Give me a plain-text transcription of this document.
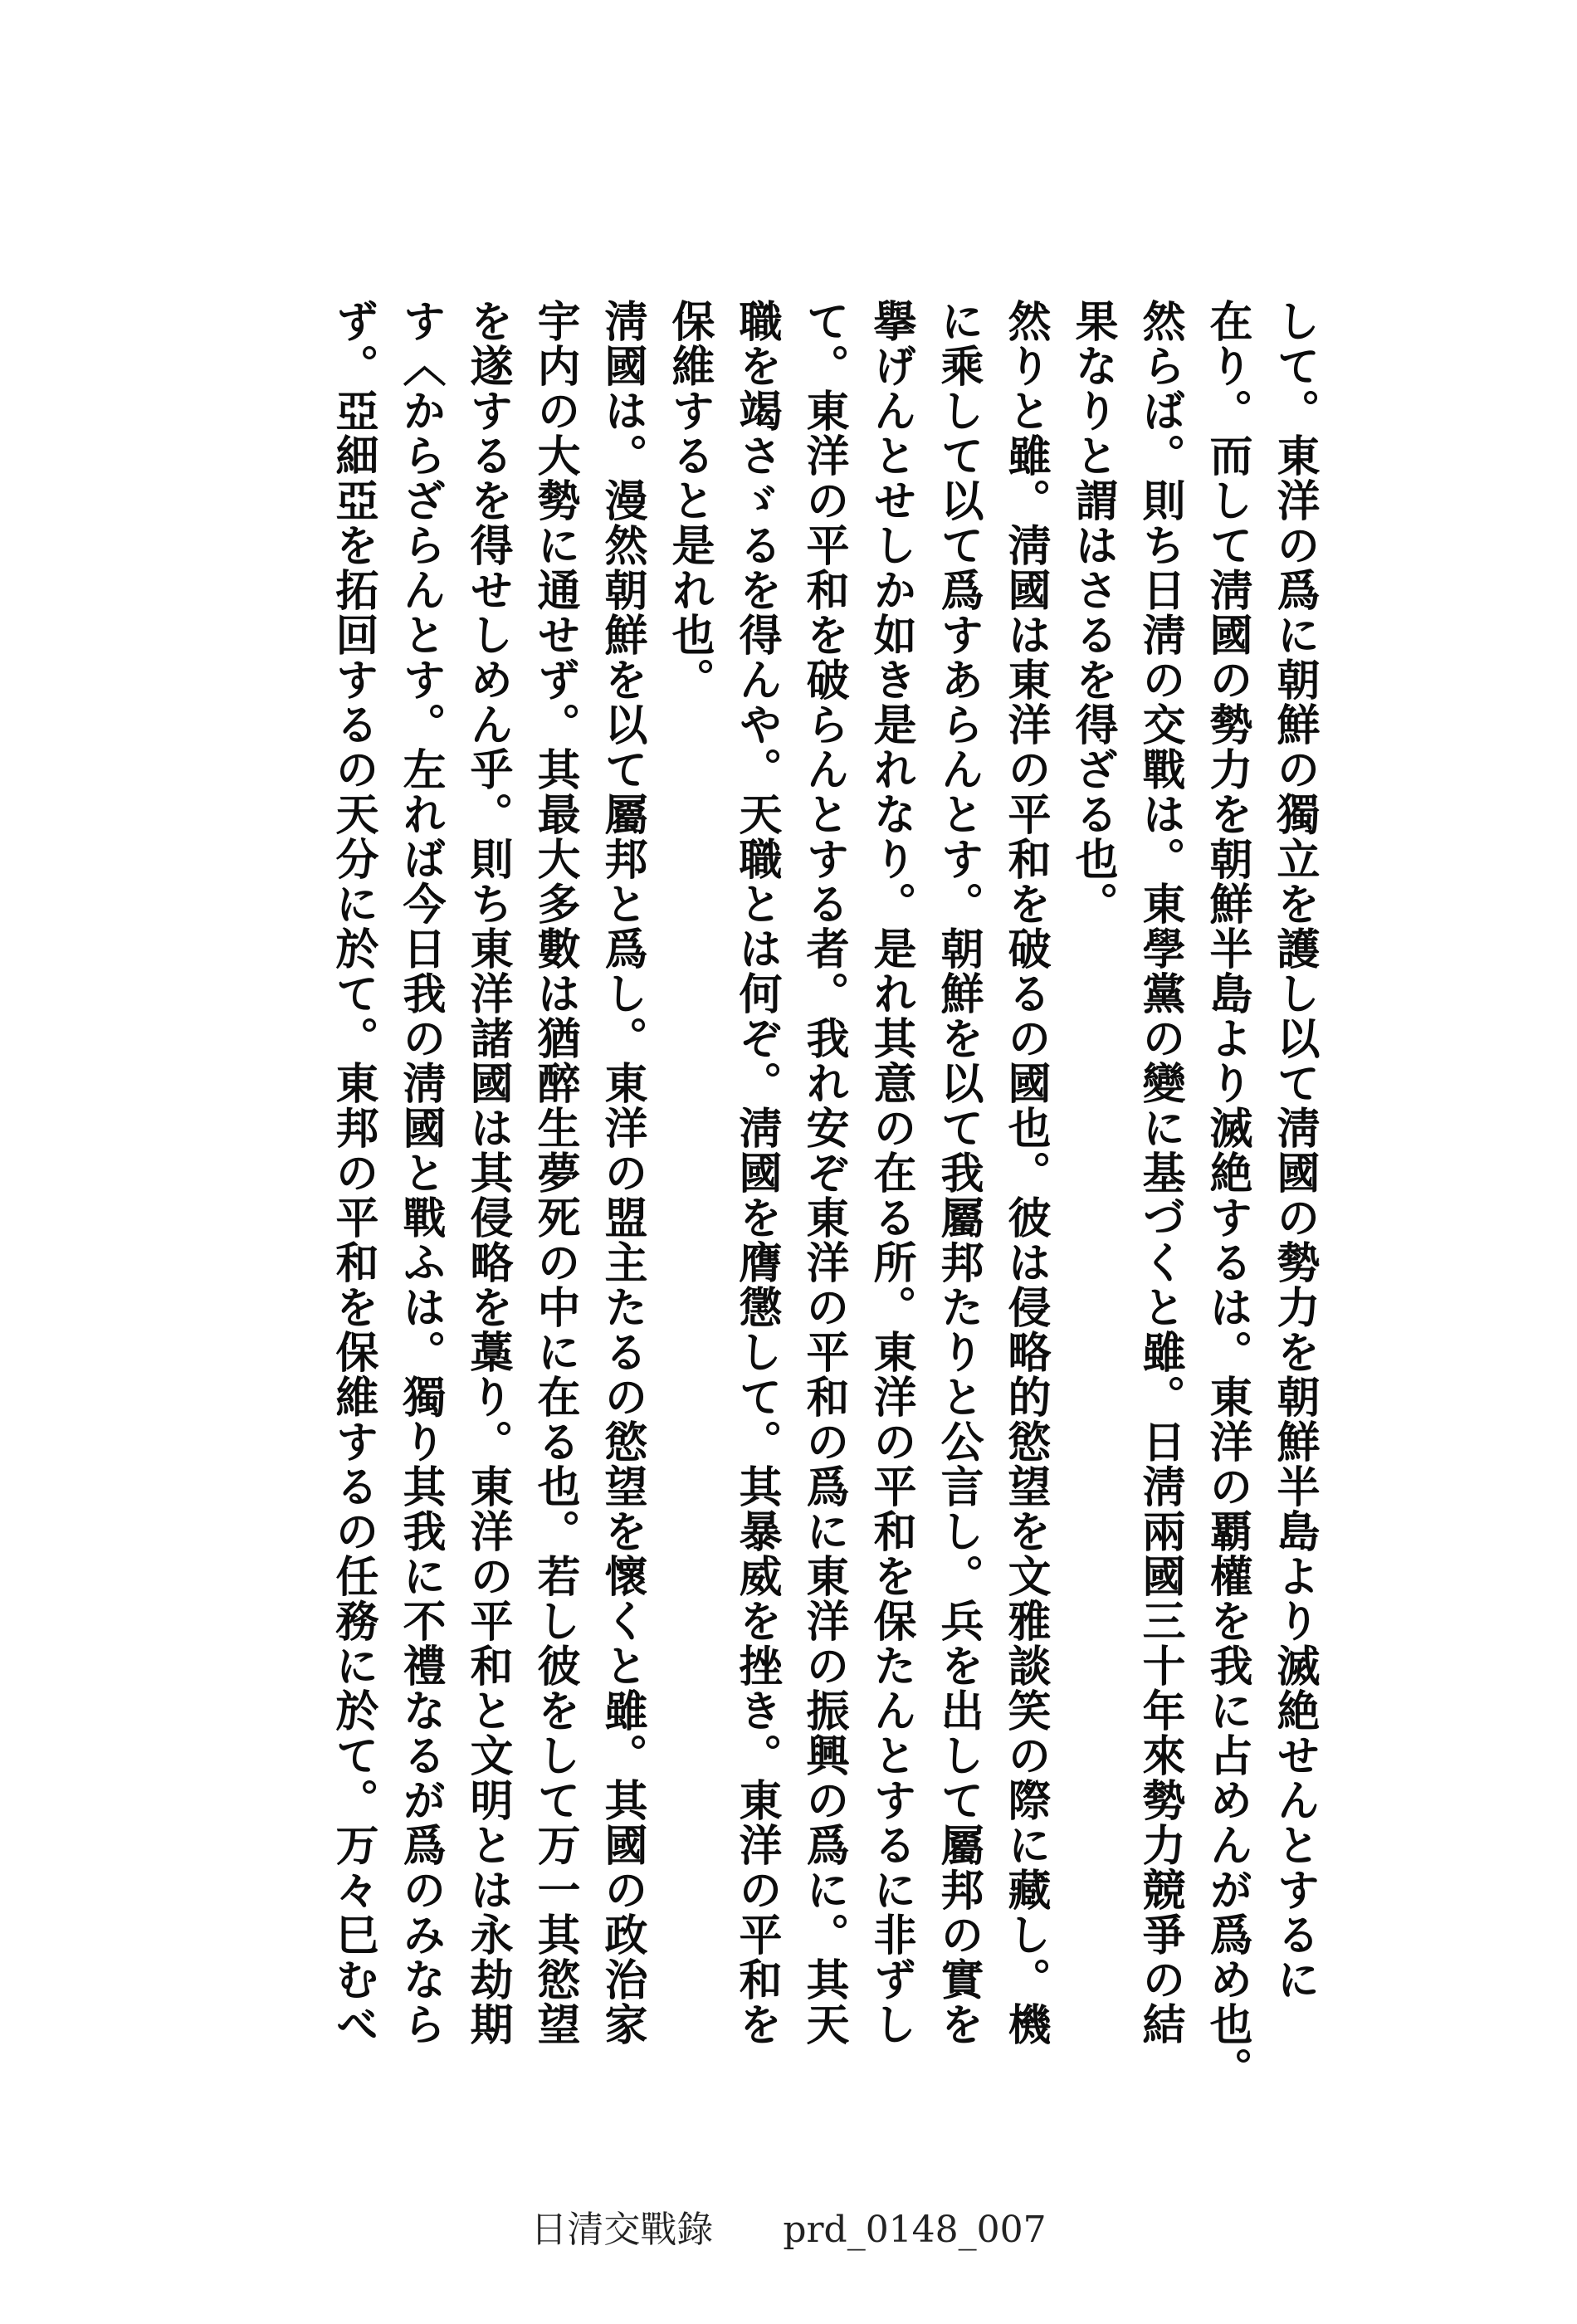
して。東洋の爲に朝鮮の獨立を護し以て淸國の勢力を朝鮮半島より滅絶せんとするに
在り。而して淸國の勢力を朝鮮半島より滅絶するは。東洋の覇權を我に占めんが爲め也。
然らば。則ち日淸の交戰は。東學黨の變に基づくと雖。日淸兩國三十年來勢力競爭の結
果なりと謂はさるを得ざる也。
然りと雖。淸國は東洋の平和を破るの國也。彼は侵略的慾望を文雅談笑の際に藏し。機
に乘して以て爲すあらんとす。朝鮮を以て我屬邦たりと公言し。兵を出して屬邦の實を
擧げんとせしか如き是れなり。是れ其意の在る所。東洋の平和を保たんとするに非ずし
て。東洋の平和を破らんとする者。我れ安ぞ東洋の平和の爲に東洋の振興の爲に。其天
職を竭さゞるを得んや。天職とは何ぞ。淸國を膺懲して。其暴威を挫き。東洋の平和を
保維すると是れ也。
淸國は。漫然朝鮮を以て屬邦と爲し。東洋の盟主たるの慾望を懷くと雖。其國の政治家
宇内の大勢に通せず。其最大多數は猶醉生夢死の中に在る也。若し彼をして万一其慾望
を遂するを得せしめん乎。則ち東洋諸國は其侵略を藁り。東洋の平和と文明とは永劫期
す〈からざらんとす。左れば今日我の淸國と戰ふは。獨り其我に不禮なるが爲のみなら
ず。亞細亞を拓回するの天分に於て。東邦の平和を保維するの任務に於て。万々巳むべ
日清交戰錄 prd_0148_007
